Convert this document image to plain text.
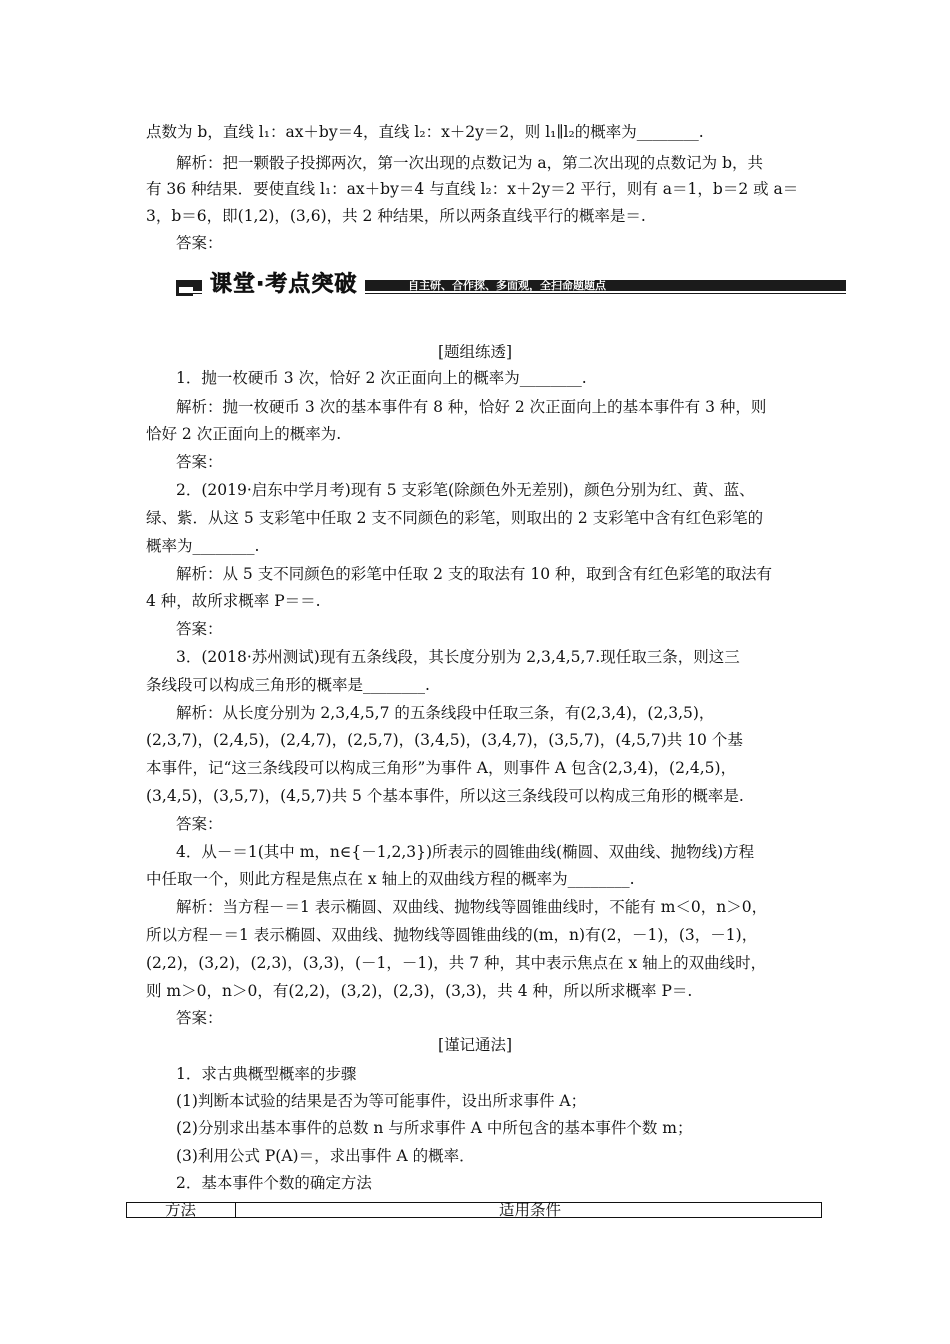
点数为 b，直线 l₁：ax＋by＝4，直线 l₂：x＋2y＝2，则 l₁∥l₂的概率为________.
解析：把一颗骰子投掷两次，第一次出现的点数记为 a，第二次出现的点数记为 b，共
有 36 种结果．要使直线 l₁：ax＋by＝4 与直线 l₂：x＋2y＝2 平行，则有 a＝1，b＝2 或 a＝
3，b＝6，即(1,2)，(3,6)，共 2 种结果，所以两条直线平行的概率是＝.
答案：
课堂·考点突破	自主研、合作探、多面观，全扫命题题点
[题组练透]
1．抛一枚硬币 3 次，恰好 2 次正面向上的概率为________.
解析：抛一枚硬币 3 次的基本事件有 8 种，恰好 2 次正面向上的基本事件有 3 种，则
恰好 2 次正面向上的概率为.
答案：
2．(2019·启东中学月考)现有 5 支彩笔(除颜色外无差别)，颜色分别为红、黄、蓝、
绿、紫．从这 5 支彩笔中任取 2 支不同颜色的彩笔，则取出的 2 支彩笔中含有红色彩笔的
概率为________.
解析：从 5 支不同颜色的彩笔中任取 2 支的取法有 10 种，取到含有红色彩笔的取法有
4 种，故所求概率 P＝＝.
答案：
3．(2018·苏州测试)现有五条线段，其长度分别为 2,3,4,5,7.现任取三条，则这三
条线段可以构成三角形的概率是________.
解析：从长度分别为 2,3,4,5,7 的五条线段中任取三条，有(2,3,4)，(2,3,5)，
(2,3,7)，(2,4,5)，(2,4,7)，(2,5,7)，(3,4,5)，(3,4,7)，(3,5,7)，(4,5,7)共 10 个基
本事件，记“这三条线段可以构成三角形”为事件 A，则事件 A 包含(2,3,4)，(2,4,5)，
(3,4,5)，(3,5,7)，(4,5,7)共 5 个基本事件，所以这三条线段可以构成三角形的概率是.
答案：
4．从－＝1(其中 m，n∈{－1,2,3})所表示的圆锥曲线(椭圆、双曲线、抛物线)方程
中任取一个，则此方程是焦点在 x 轴上的双曲线方程的概率为________.
解析：当方程－＝1 表示椭圆、双曲线、抛物线等圆锥曲线时，不能有 m＜0，n＞0，
所以方程－＝1 表示椭圆、双曲线、抛物线等圆锥曲线的(m，n)有(2，－1)，(3，－1)，
(2,2)，(3,2)，(2,3)，(3,3)，(－1，－1)，共 7 种，其中表示焦点在 x 轴上的双曲线时，
则 m＞0，n＞0，有(2,2)，(3,2)，(2,3)，(3,3)，共 4 种，所以所求概率 P＝.
答案：
[谨记通法]
1．求古典概型概率的步骤
(1)判断本试验的结果是否为等可能事件，设出所求事件 A；
(2)分别求出基本事件的总数 n 与所求事件 A 中所包含的基本事件个数 m；
(3)利用公式 P(A)＝，求出事件 A 的概率．
2．基本事件个数的确定方法
方法	适用条件
